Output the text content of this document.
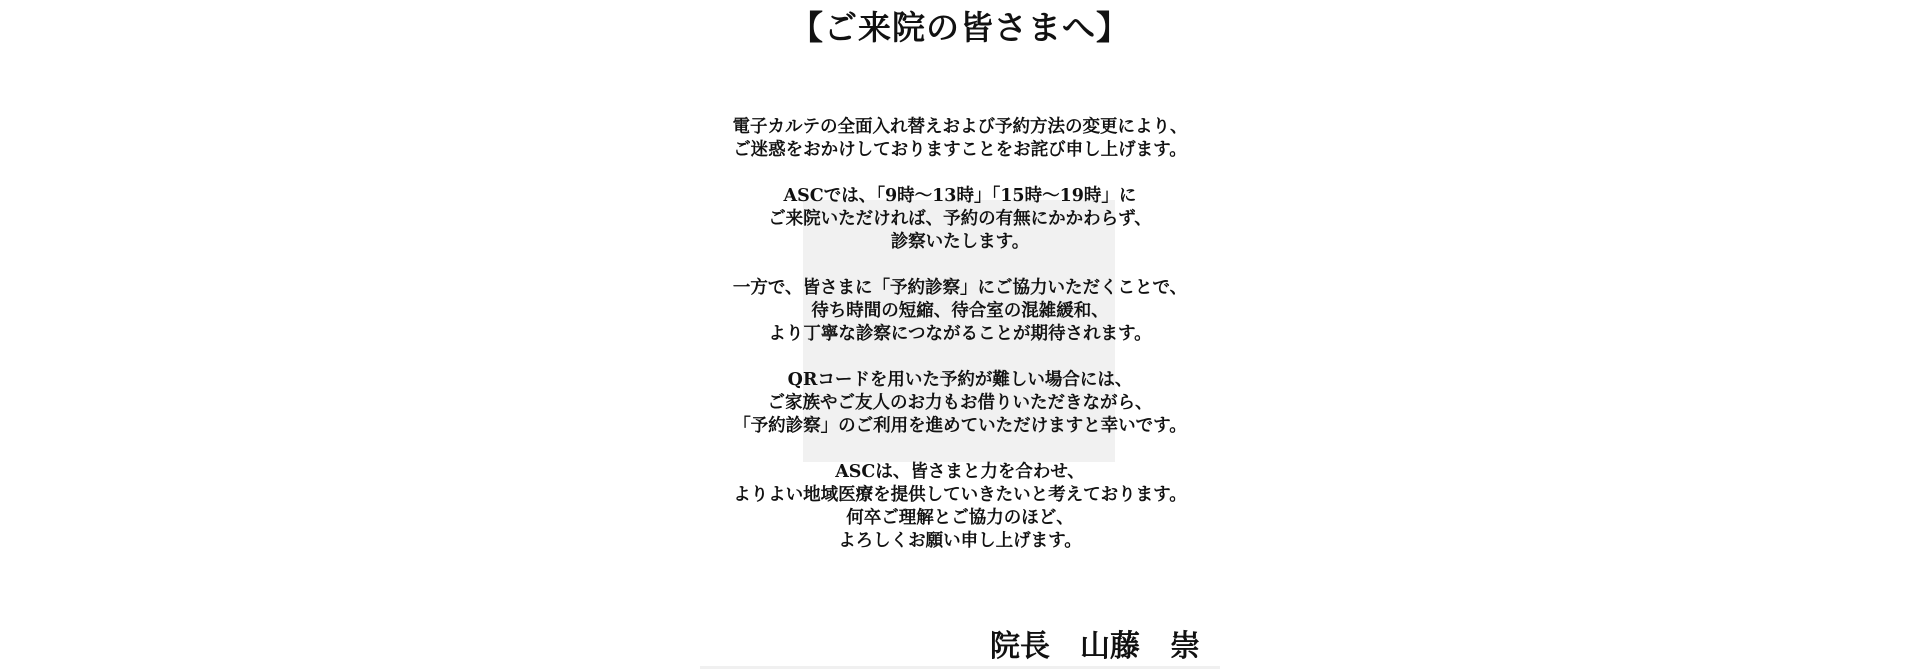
【ご来院の皆さまへ】

電子カルテの全面入れ替えおよび予約方法の変更により、
ご迷惑をおかけしておりますことをお詫び申し上げます。

ASCでは、「9時～13時」「15時～19時」に
ご来院いただければ、予約の有無にかかわらず、
診察いたします。

一方で、皆さまに「予約診察」にご協力いただくことで、
待ち時間の短縮、待合室の混雑緩和、
より丁寧な診察につながることが期待されます。

QRコードを用いた予約が難しい場合には、
ご家族やご友人のお力もお借りいただきながら、
「予約診察」のご利用を進めていただけますと幸いです。

ASCは、皆さまと力を合わせ、
よりよい地域医療を提供していきたいと考えております。
何卒ご理解とご協力のほど、
よろしくお願い申し上げます。

院長　山藤　崇
